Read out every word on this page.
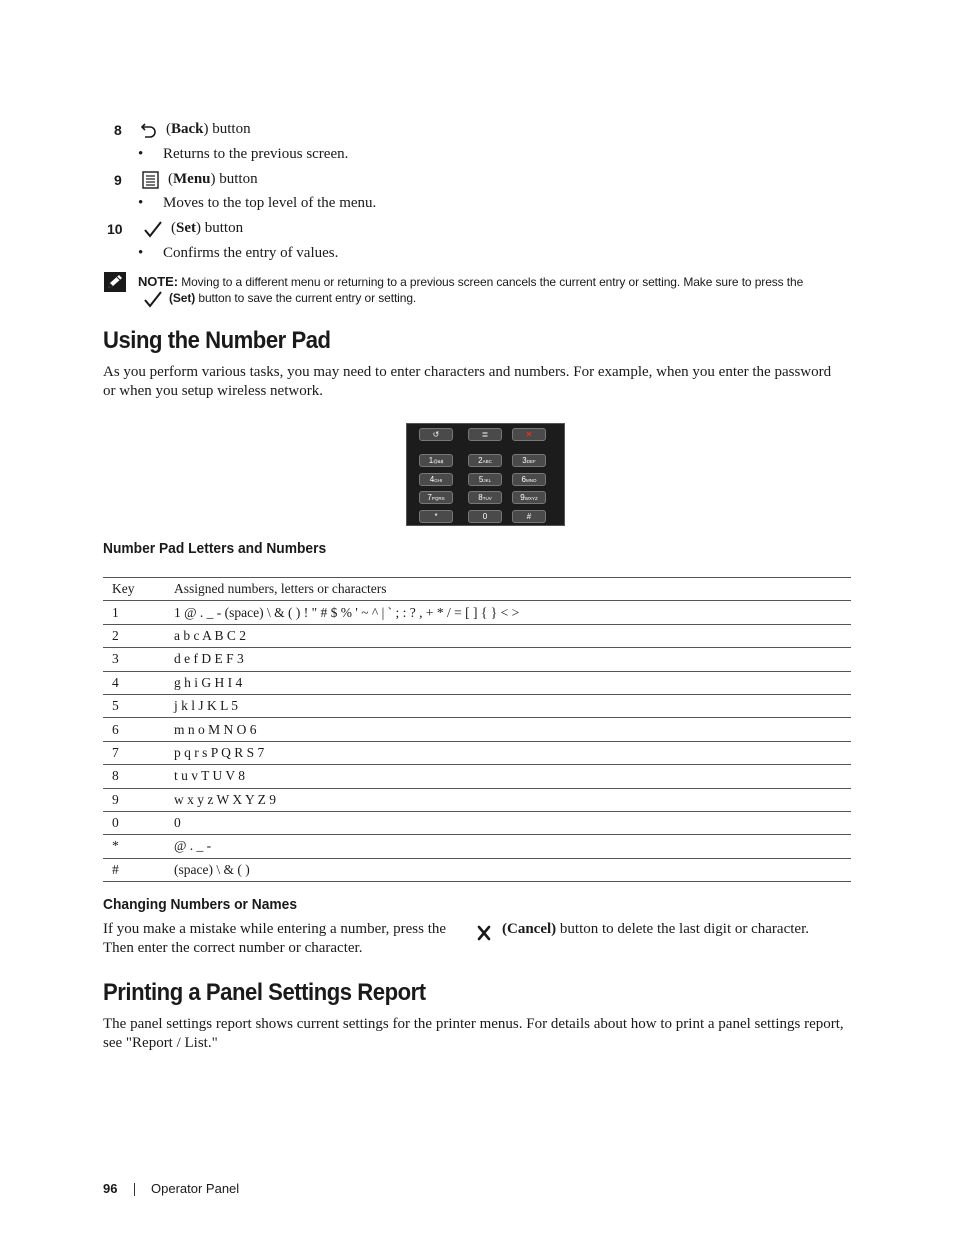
8	(Back) button
• Returns to the previous screen.
9	(Menu) button
• Moves to the top level of the menu.
10	(Set) button
• Confirms the entry of values.
NOTE: Moving to a different menu or returning to a previous screen cancels the current entry or setting. Make sure to press the
(Set) button to save the current entry or setting.
Using the Number Pad

As you perform various tasks, you may need to enter characters and numbers. For example, when you enter the password or when you setup wireless network.

↺	≣	✕
1@&$	2ABC	3DEF
4GHI	5JKL	6MNO
7PQRS	8TUV	9WXYZ
*	0	#
Number Pad Letters and Numbers
Key	Assigned numbers, letters or characters
1	1 @ . _ - (space) \ & ( ) ! " # $ % ' ~ ^ | ` ; : ? , + * / = [ ] { } < >
2	a b c A B C 2
3	d e f D E F 3
4	g h i G H I 4
5	j k l J K L 5
6	m n o M N O 6
7	p q r s P Q R S 7
8	t u v T U V 8
9	w x y z W X Y Z 9
0	0
*	@ . _ -
#	(space) \ & ( )
Changing Numbers or Names
If you make a mistake while entering a number, press the	(Cancel) button to delete the last digit or character.
Then enter the correct number or character.
Printing a Panel Settings Report

The panel settings report shows current settings for the printer menus. For details about how to print a panel settings report, see "Report / List."

96	Operator Panel
